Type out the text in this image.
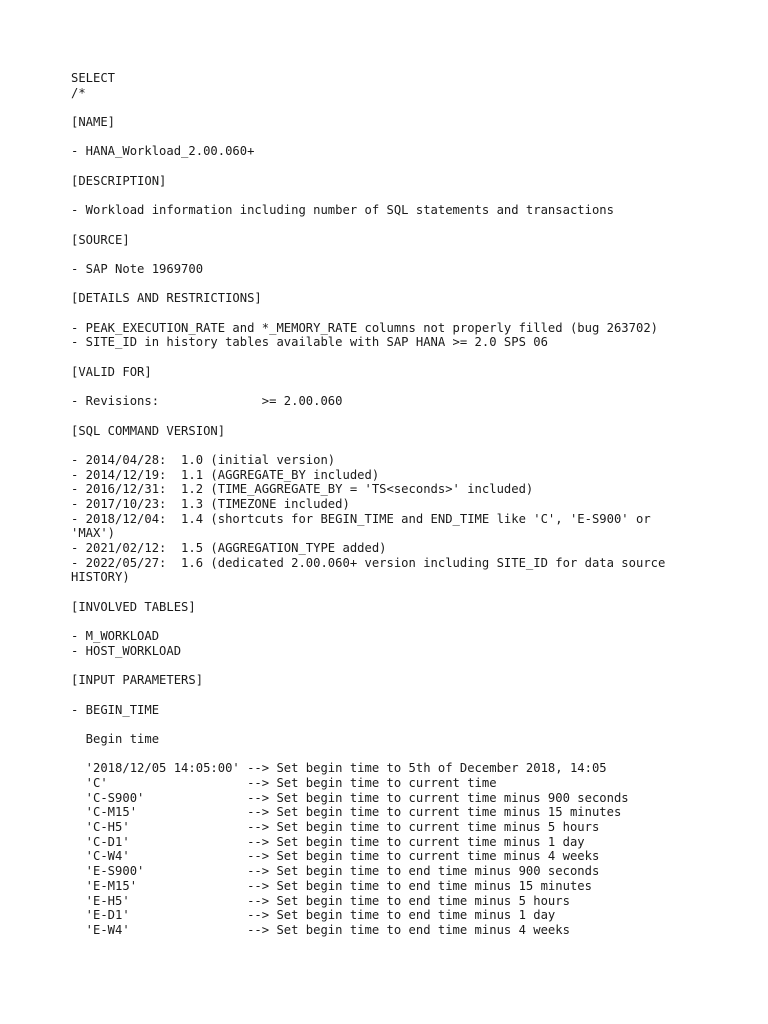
SELECT
/*
[NAME]
- HANA_Workload_2.00.060+
[DESCRIPTION]
- Workload information including number of SQL statements and transactions
[SOURCE]
- SAP Note 1969700
[DETAILS AND RESTRICTIONS]
- PEAK_EXECUTION_RATE and *_MEMORY_RATE columns not properly filled (bug 263702)
- SITE_ID in history tables available with SAP HANA >= 2.0 SPS 06
[VALID FOR]
- Revisions:              >= 2.00.060
[SQL COMMAND VERSION]
- 2014/04/28:  1.0 (initial version)
- 2014/12/19:  1.1 (AGGREGATE_BY included)
- 2016/12/31:  1.2 (TIME_AGGREGATE_BY = 'TS<seconds>' included)
- 2017/10/23:  1.3 (TIMEZONE included)
- 2018/12/04:  1.4 (shortcuts for BEGIN_TIME and END_TIME like 'C', 'E-S900' or
'MAX')
- 2021/02/12:  1.5 (AGGREGATION_TYPE added)
- 2022/05/27:  1.6 (dedicated 2.00.060+ version including SITE_ID for data source
HISTORY)
[INVOLVED TABLES]
- M_WORKLOAD
- HOST_WORKLOAD
[INPUT PARAMETERS]
- BEGIN_TIME
Begin time
'2018/12/05 14:05:00' --> Set begin time to 5th of December 2018, 14:05
'C'                   --> Set begin time to current time
'C-S900'              --> Set begin time to current time minus 900 seconds
'C-M15'               --> Set begin time to current time minus 15 minutes
'C-H5'                --> Set begin time to current time minus 5 hours
'C-D1'                --> Set begin time to current time minus 1 day
'C-W4'                --> Set begin time to current time minus 4 weeks
'E-S900'              --> Set begin time to end time minus 900 seconds
'E-M15'               --> Set begin time to end time minus 15 minutes
'E-H5'                --> Set begin time to end time minus 5 hours
'E-D1'                --> Set begin time to end time minus 1 day
'E-W4'                --> Set begin time to end time minus 4 weeks
